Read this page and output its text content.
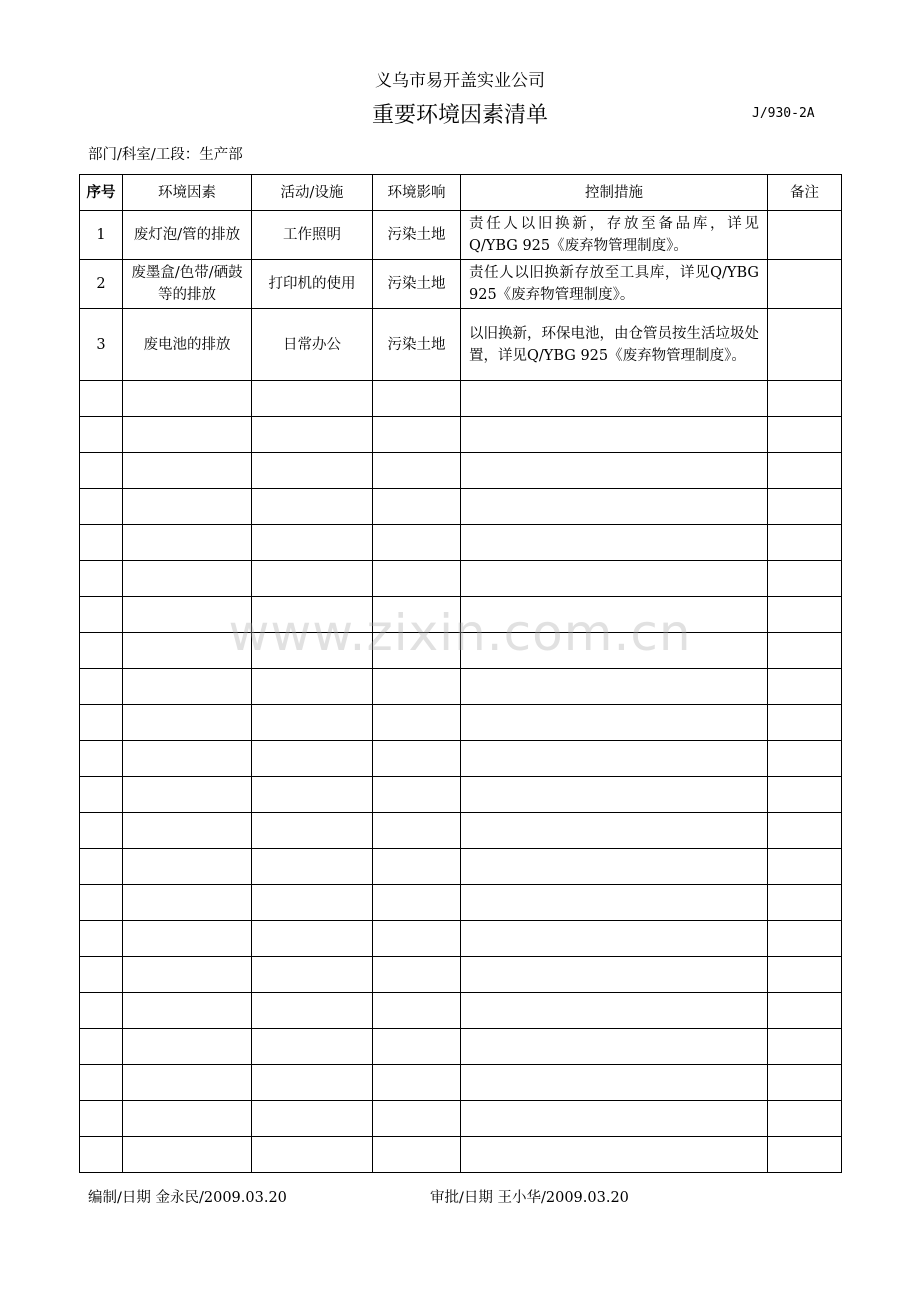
义乌市易开盖实业公司
重要环境因素清单	J/930-2A
部门/科室/工段：生产部
序号	环境因素	活动/设施	环境影响	控制措施	备注
1	废灯泡/管的排放	工作照明	污染土地	责任人以旧换新，存放至备品库，详见Q/YBG 925《废弃物管理制度》。	
2	废墨盒/色带/硒鼓等的排放	打印机的使用	污染土地	责任人以旧换新存放至工具库，详见Q/YBG 925《废弃物管理制度》。	
3	废电池的排放	日常办公	污染土地	以旧换新，环保电池，由仓管员按生活垃圾处置，详见Q/YBG 925《废弃物管理制度》。	

www.zixin.com.cn
编制/日期 金永民/2009.03.20	审批/日期 王小华/2009.03.20
